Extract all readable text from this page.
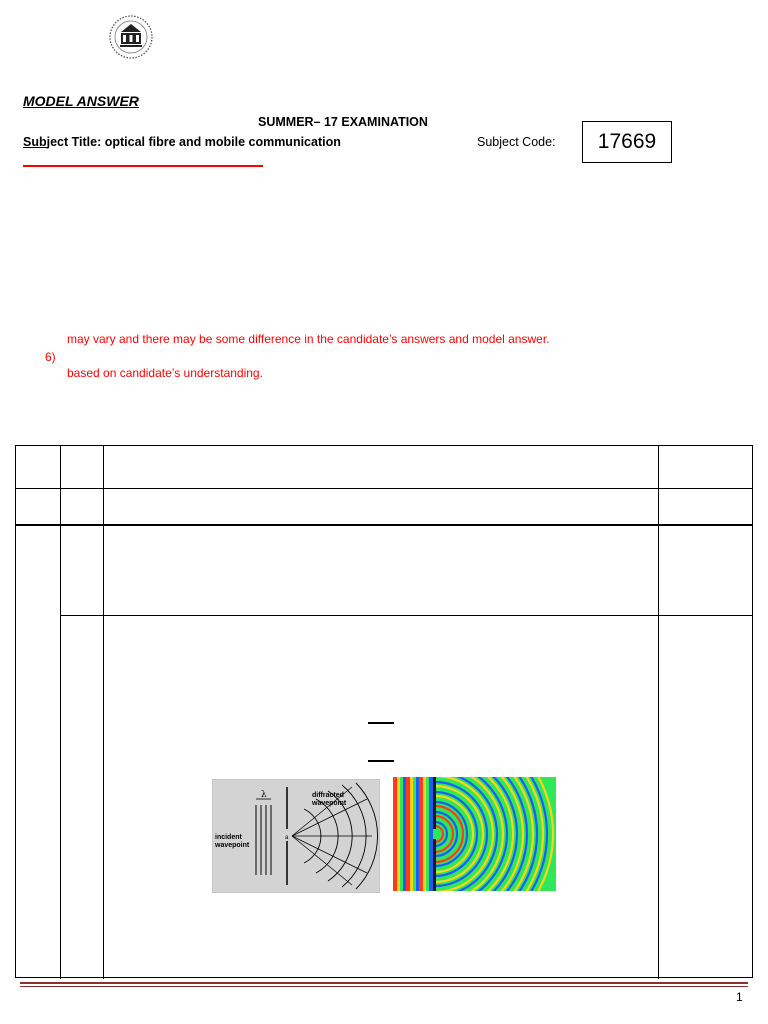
MODEL ANSWER
SUMMER– 17 EXAMINATION
Subject Title: optical fibre and mobile communication	Subject Code:	17669
may vary and there may be some difference in the candidate’s answers and model answer.
6)
based on candidate’s understanding.
λ
a
diffracted
wavepoint
incident
wavepoint
1
